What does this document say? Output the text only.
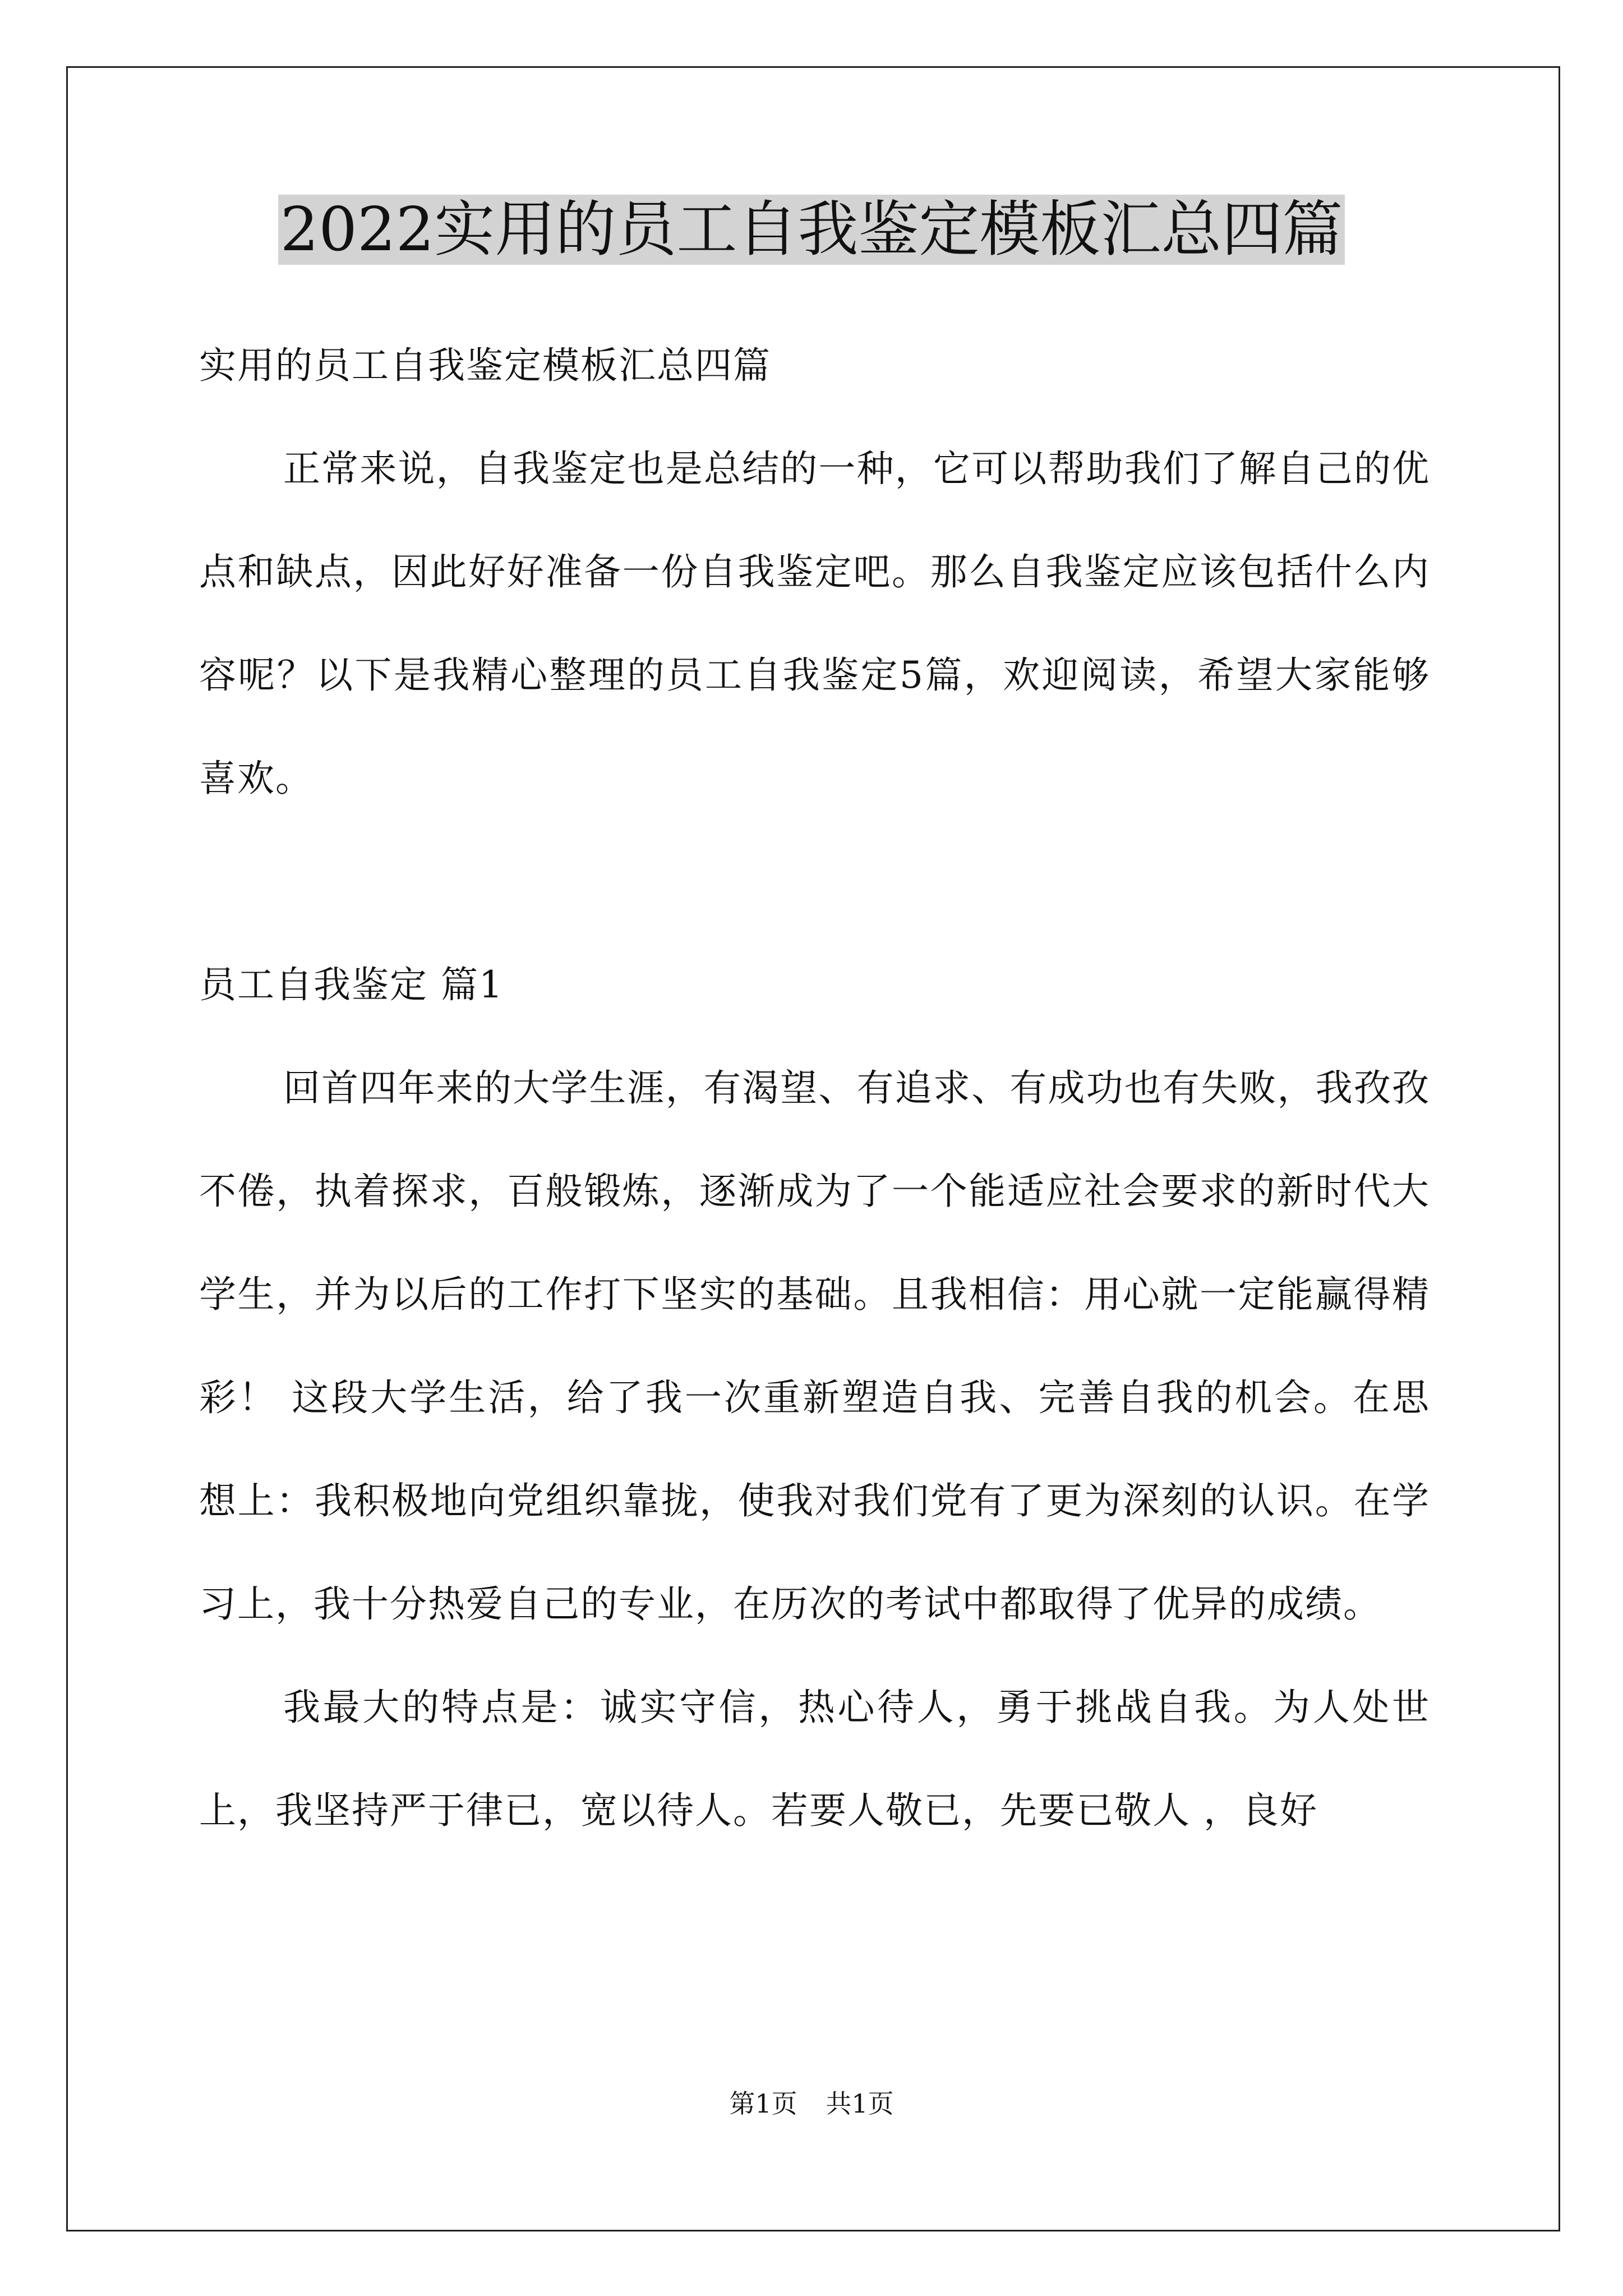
2022实用的员工自我鉴定模板汇总四篇

实用的员工自我鉴定模板汇总四篇

正常来说，自我鉴定也是总结的一种，它可以帮助我们了解自己的优点和缺点，因此好好准备一份自我鉴定吧。那么自我鉴定应该包括什么内容呢？以下是我精心整理的员工自我鉴定5篇，欢迎阅读，希望大家能够喜欢。

员工自我鉴定 篇1

回首四年来的大学生涯，有渴望、有追求、有成功也有失败，我孜孜不倦，执着探求，百般锻炼，逐渐成为了一个能适应社会要求的新时代大学生，并为以后的工作打下坚实的基础。且我相信：用心就一定能赢得精彩！ 这段大学生活，给了我一次重新塑造自我、完善自我的机会。在思想上：我积极地向党组织靠拢，使我对我们党有了更为深刻的认识。在学习上，我十分热爱自己的专业，在历次的考试中都取得了优异的成绩。

我最大的特点是：诚实守信，热心待人，勇于挑战自我。为人处世上，我坚持严于律已，宽以待人。若要人敬已，先要已敬人 ，良好

第1页 共1页
